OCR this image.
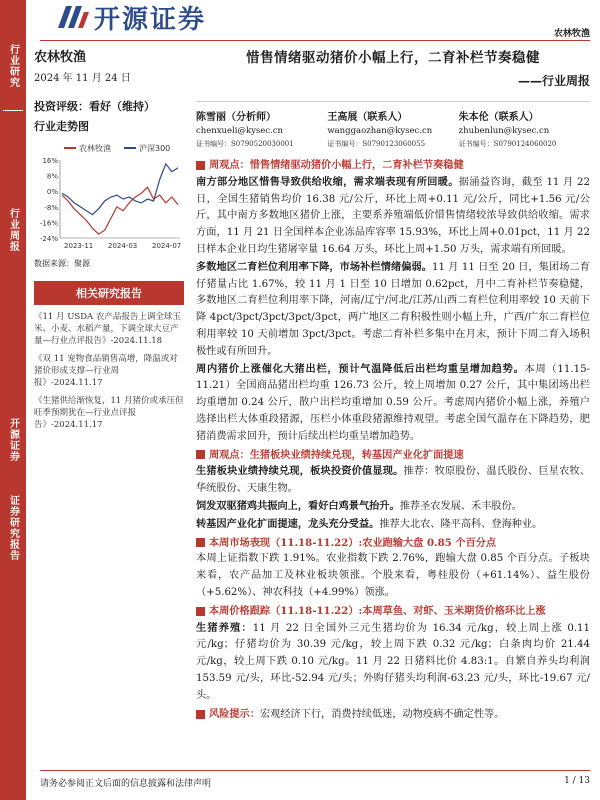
行业研究
行业周报
开源证券
证券研究报告
开源证券	农林牧渔
农林牧渔
2024 年 11 月 24 日
投资评级：看好（维持）
行业走势图
农林牧渔	沪深300
16%
8%
0%
-8%
-16%
-24%
2023-11 2024-03 2024-07
数据来源：聚源
相关研究报告
《11 月 USDA 农产品报告上调全球玉米、小麦、水稻产量，下调全球大豆产量—行业点评报告》-2024.11.18
《双 11 宠物食品销售高增，降温或对猪价形成支撑—行业周报》-2024.11.17
《生猪供给渐恢复，11 月猪价或承压但旺季预期犹在—行业点评报告》-2024.11.17
惜售情绪驱动猪价小幅上行，二育补栏节奏稳健
——行业周报
陈雪丽（分析师）
chenxueli@kysec.cn
证书编号：S0790520030001
王高展（联系人）
wanggaozhan@kysec.cn
证书编号：S0790123060055
朱本伦（联系人）
zhubenlun@kysec.cn
证书编号：S0790124060020
周观点：惜售情绪驱动猪价小幅上行，二育补栏节奏稳健
南方部分地区惜售导致供给收缩，需求端表现有所回暖。据涌益咨询，截至 11 月 22 日，全国生猪销售均价 16.38 元/公斤，环比上周+0.11 元/公斤，同比+1.56 元/公斤，其中南方多数地区猪价上涨，主要系养殖端低价惜售情绪较浓导致供给收缩。需求方面，11 月 21 日全国样本企业冻品库容率 15.93%，环比上周+0.01pct，11 月 22 日样本企业日均生猪屠宰量 16.64 万头，环比上周+1.50 万头，需求端有所回暖。
多数地区二育栏位利用率下降，市场补栏情绪偏弱。11 月 11 日至 20 日，集团场二育仔猪量占比 1.67%，较 11 月 1 日至 10 日增加 0.62pct，月中二育补栏节奏稳健，多数地区二育栏位利用率下降，河南/辽宁/河北/江苏/山西二育栏位利用率较 10 天前下降 4pct/3pct/3pct/3pct/3pct，两广地区二育积极性则小幅上升，广西/广东二育栏位利用率较 10 天前增加 3pct/3pct。考虑二育补栏多集中在月末，预计下周二育入场积极性或有所回升。
周内猪价上涨催化大猪出栏，预计气温降低后出栏均重呈增加趋势。本周（11.15-11.21）全国商品猪出栏均重 126.73 公斤，较上周增加 0.27 公斤，其中集团场出栏均重增加 0.24 公斤，散户出栏均重增加 0.59 公斤。考虑周内猪价小幅上涨，养殖户选择出栏大体重段猪源，压栏小体重段猪源维持观望。考虑全国气温存在下降趋势，肥猪消费需求回升，预计后续出栏均重呈增加趋势。
周观点：生猪板块业绩持续兑现，转基因产业化扩面提速
生猪板块业绩持续兑现，板块投资价值显现。推荐：牧原股份、温氏股份、巨星农牧、华统股份、天康生物。
饲发双驱猪鸡共振向上，看好白鸡景气抬升。推荐圣农发展、禾丰股份。
转基因产业化扩面提速，龙头充分受益。推荐大北农、隆平高科、登海种业。
本周市场表现（11.18-11.22）:农业跑输大盘 0.85 个百分点
本周上证指数下跌 1.91%。农业指数下跌 2.76%，跑输大盘 0.85 个百分点。子板块来看，农产品加工及林业板块领涨。个股来看，粤桂股份（+61.14%）、益生股份（+5.62%）、神农科技（+4.99%）领涨。
本周价格跟踪（11.18-11.22）:本周草鱼、对虾、玉米期货价格环比上涨
生猪养殖：11 月 22 日全国外三元生猪均价为 16.34 元/kg，较上周上涨 0.11 元/kg；仔猪均价为 30.39 元/kg，较上周下跌 0.32 元/kg；白条肉均价 21.44 元/kg，较上周下跌 0.10 元/kg。11 月 22 日猪料比价 4.83:1。自繁自养头均利润 153.59 元/头，环比-52.94 元/头；外购仔猪头均利润-63.23 元/头，环比-19.67 元/头。
风险提示：宏观经济下行，消费持续低迷，动物疫病不确定性等。
请务必参阅正文后面的信息披露和法律声明	1 / 13
